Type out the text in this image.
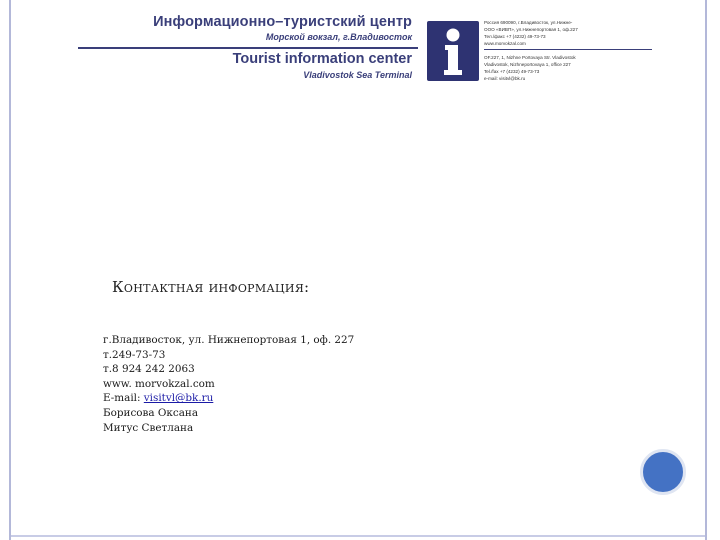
Информационно–туристский центр
Морской вокзал, г.Владивосток
Tourist information center
Vladivostok Sea Terminal
Россия 690090, г.Владивосток, ул.Нижне-
ООО «ВИВП», ул.Нижнепортовая 1, оф.227
Тел./факс +7 (4232) 49-73-73
www.morvokzal.com
OF.227, 1, Nizhne Portovaya Str. Vladivostok
Vladivostok, Nizhneportovaya 1, office 227
Tel./fax +7 (4232) 49-73-73
e-mail: visitvl@bk.ru
Контактная информация:
г.Владивосток, ул. Нижнепортовая 1, оф. 227
т.249-73-73
т.8 924 242 2063
www. morvokzal.com
E-mail: visitvl@bk.ru
Борисова Оксана
Митус Светлана
